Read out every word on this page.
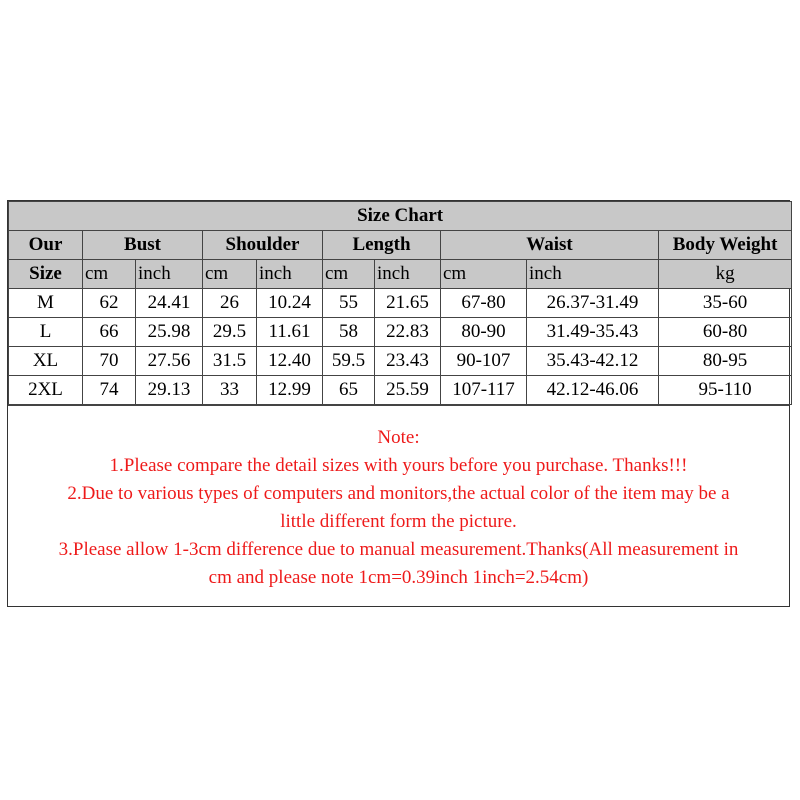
Size Chart									
Our	Bust		Shoulder		Length		Waist		Body Weight
Size	cm	inch	cm	inch	cm	inch	cm	inch	kg
M	62	24.41	26	10.24	55	21.65	67-80	26.37-31.49	35-60
L	66	25.98	29.5	11.61	58	22.83	80-90	31.49-35.43	60-80
XL	70	27.56	31.5	12.40	59.5	23.43	90-107	35.43-42.12	80-95
2XL	74	29.13	33	12.99	65	25.59	107-117	42.12-46.06	95-110
Note:
1.Please compare the detail sizes with yours before you purchase. Thanks!!!
2.Due to various types of computers and monitors,the actual color of the item may be a
little different form the picture.
3.Please allow 1-3cm difference due to manual measurement.Thanks(All measurement in
cm and please note 1cm=0.39inch 1inch=2.54cm)
